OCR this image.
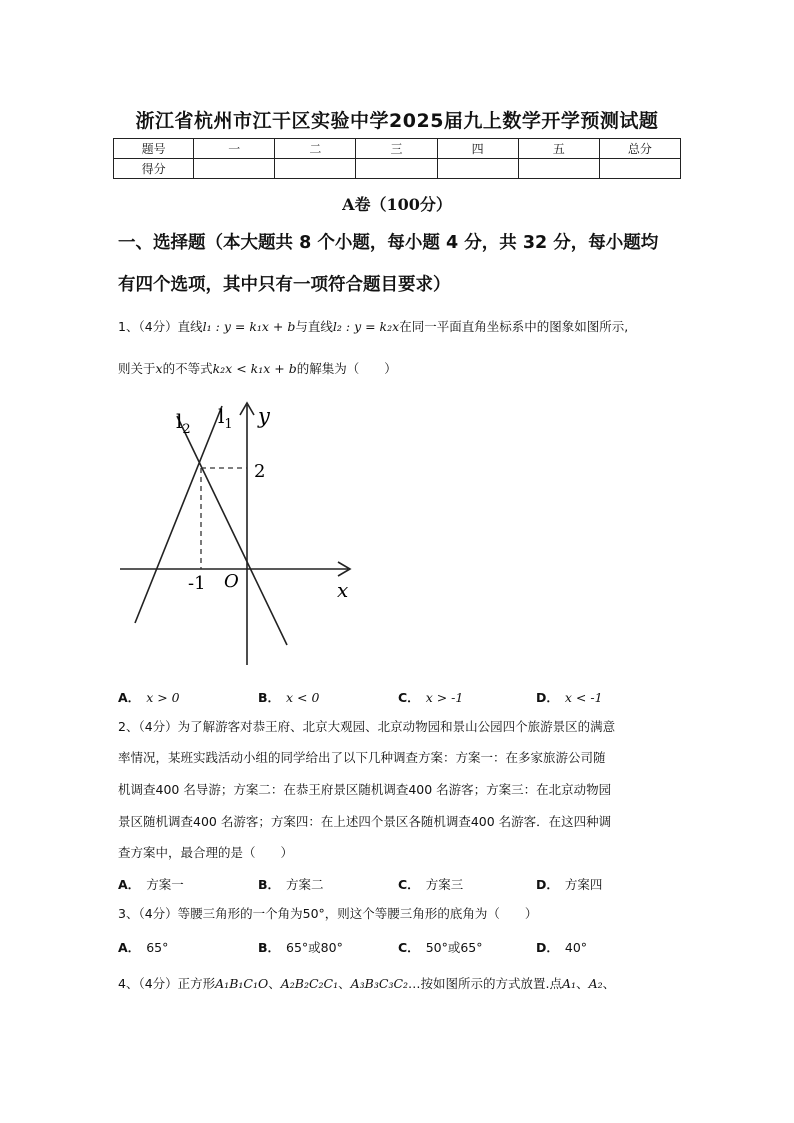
浙江省杭州市江干区实验中学2025届九上数学开学预测试题
题号	一	二	三	四	五	总分
得分						
A卷（100分）
一、选择题（本大题共 8 个小题，每小题 4 分，共 32 分，每小题均
有四个选项，其中只有一项符合题目要求）
1、（4分）直线l₁ : y = k₁x + b与直线l₂ : y = k₂x在同一平面直角坐标系中的图象如图所示,
则关于x的不等式k₂x < k₁x + b的解集为（　　）
$l_2$
$l_1$ y
2
-1 O	x
A． x > 0	B． x < 0	C． x > -1	D． x < -1
2、（4分）为了解游客对恭王府、北京大观园、北京动物园和景山公园四个旅游景区的满意
率情况，某班实践活动小组的同学给出了以下几种调查方案：方案一：在多家旅游公司随
机调查400 名导游；方案二：在恭王府景区随机调查400 名游客；方案三：在北京动物园
景区随机调查400 名游客；方案四：在上述四个景区各随机调查400 名游客．在这四种调
查方案中，最合理的是（　　）
A． 方案一	B． 方案二	C． 方案三	D． 方案四
3、（4分）等腰三角形的一个角为50°，则这个等腰三角形的底角为（　　）
A． 65°	B． 65°或80°	C． 50°或65°	D． 40°
4、（4分）正方形A₁B₁C₁O、A₂B₂C₂C₁、A₃B₃C₃C₂…按如图所示的方式放置.点A₁、A₂、
